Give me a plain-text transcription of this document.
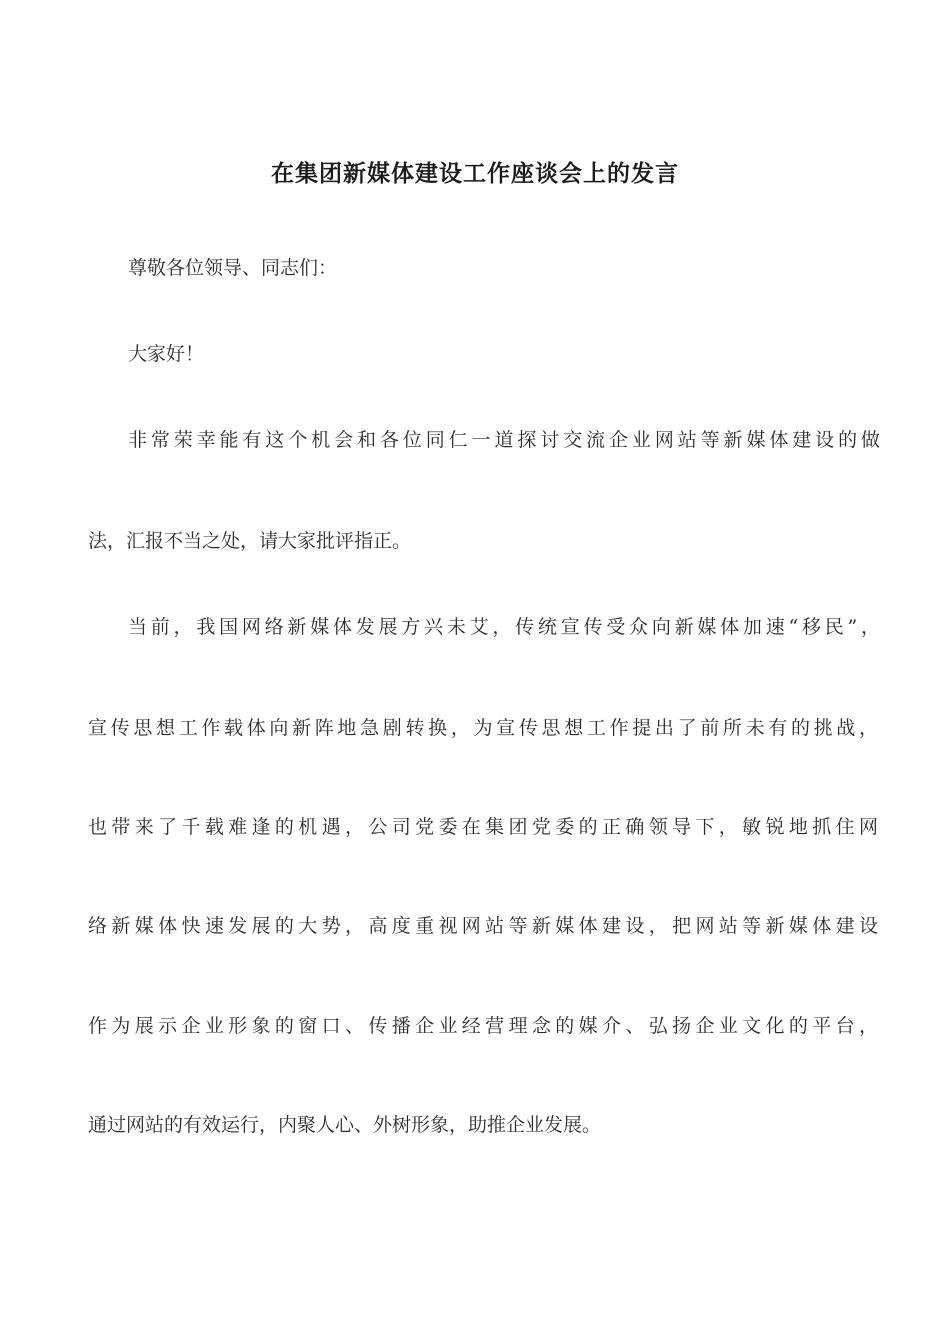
在集团新媒体建设工作座谈会上的发言

尊敬各位领导、同志们：

大家好！

非常荣幸能有这个机会和各位同仁一道探讨交流企业网站等新媒体建设的做

法，汇报不当之处，请大家批评指正。

当前，我国网络新媒体发展方兴未艾，传统宣传受众向新媒体加速“移民”，

宣传思想工作载体向新阵地急剧转换，为宣传思想工作提出了前所未有的挑战，

也带来了千载难逢的机遇，公司党委在集团党委的正确领导下，敏锐地抓住网

络新媒体快速发展的大势，高度重视网站等新媒体建设，把网站等新媒体建设

作为展示企业形象的窗口、传播企业经营理念的媒介、弘扬企业文化的平台，

通过网站的有效运行，内聚人心、外树形象，助推企业发展。
